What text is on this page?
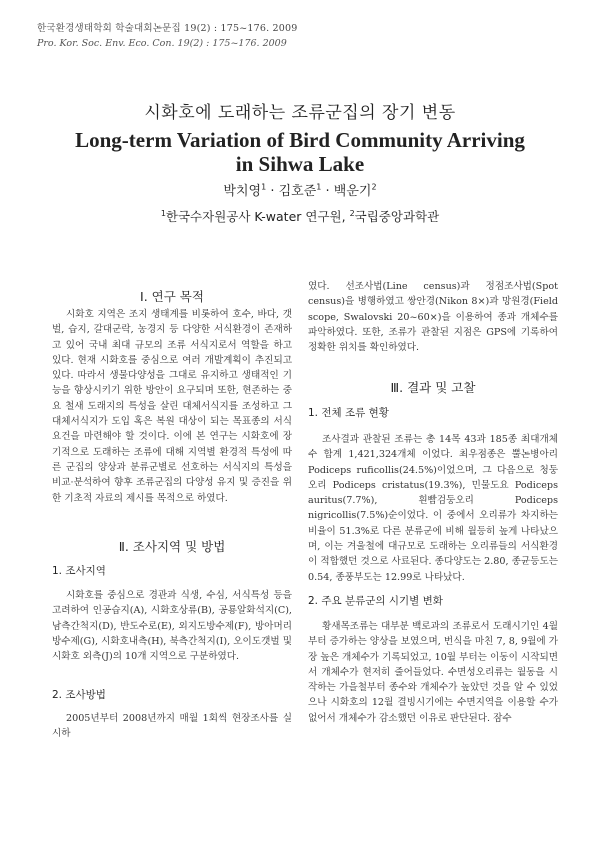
한국환경생태학회 학술대회논문집 19(2) : 175~176. 2009
Pro. Kor. Soc. Env. Eco. Con. 19(2) : 175~176. 2009
시화호에 도래하는 조류군집의 장기 변동
Long-term Variation of Bird Community Arriving
in Sihwa Lake
박치영$^1$ · 김호준$^1$ · 백운기$^2$
$^1$한국수자원공사 K-water 연구원, $^2$국립중앙과학관
Ⅰ. 연구 목적
시화호 지역은 조지 생태계를 비롯하여 호수, 바다, 갯벌, 습지, 갈대군락, 농경지 등 다양한 서식환경이 존재하고 있어 국내 최대 규모의 조류 서식지로서 역할을 하고 있다. 현재 시화호를 중심으로 여러 개발계획이 추진되고 있다. 따라서 생물다양성을 그대로 유지하고 생태적인 기능을 향상시키기 위한 방안이 요구되며 또한, 현존하는 중요 철새 도래지의 특성을 살린 대체서식지를 조성하고 그 대체서식지가 도입 혹은 복원 대상이 되는 목표종의 서식요건을 마련해야 할 것이다. 이에 본 연구는 시화호에 장기적으로 도래하는 조류에 대해 지역별 환경적 특성에 따른 군집의 양상과 분류군별로 선호하는 서식지의 특성을 비교·분석하여 향후 조류군집의 다양성 유지 및 증진을 위한 기초적 자료의 제시를 목적으로 하였다.
Ⅱ. 조사지역 및 방법
1. 조사지역
시화호를 중심으로 경관과 식생, 수심, 서식특성 등을 고려하여 인공습지(A), 시화호상류(B), 공룡알화석지(C), 남측간척지(D), 반도수로(E), 외지도방수제(F), 방아머리방수제(G), 시화호내측(H), 북측간척지(I), 오이도갯벌 및 시화호 외측(J)의 10개 지역으로 구분하였다.
2. 조사방법
2005년부터 2008년까지 매월 1회씩 현장조사를 실시하
였다. 선조사법(Line census)과 정점조사법(Spot census)을 병행하였고 쌍안경(Nikon 8×)과 망원경(Field scope, Swalovski 20~60×)을 이용하여 종과 개체수를 파악하였다. 또한, 조류가 관찰된 지점은 GPS에 기록하여 정확한 위치를 확인하였다.
Ⅲ. 결과 및 고찰
1. 전체 조류 현황
조사결과 관찰된 조류는 총 14목 43과 185종 최대개체수 합계 1,421,324개체 이었다. 최우점종은 뿔논병아리Podiceps ruficollis(24.5%)이었으며, 그 다음으로 청둥오리 Podiceps cristatus(19.3%), 민물도요 Podiceps auritus(7.7%), 흰빰검둥오리 Podiceps nigricollis(7.5%)순이었다. 이 중에서 오리류가 차지하는 비율이 51.3%로 다른 분류군에 비해 월등히 높게 나타났으며, 이는 겨울철에 대규모로 도래하는 오리류들의 서식환경이 적합했던 것으로 사료된다. 종다양도는 2.80, 종균등도는 0.54, 종풍부도는 12.99로 나타났다.
2. 주요 분류군의 시기별 변화
황새목조류는 대부분 백로과의 조류로서 도래시기인 4월부터 증가하는 양상을 보였으며, 번식을 마친 7, 8, 9월에 가장 높은 개체수가 기록되었고, 10월 부터는 이동이 시작되면서 개체수가 현저히 줄어들었다. 수면성오리류는 월동을 시작하는 가을철부터 종수와 개체수가 높았던 것을 알 수 있었으나 시화호의 12월 결빙시기에는 수면지역을 이용할 수가 없어서 개체수가 감소했던 이유로 판단된다. 잠수
